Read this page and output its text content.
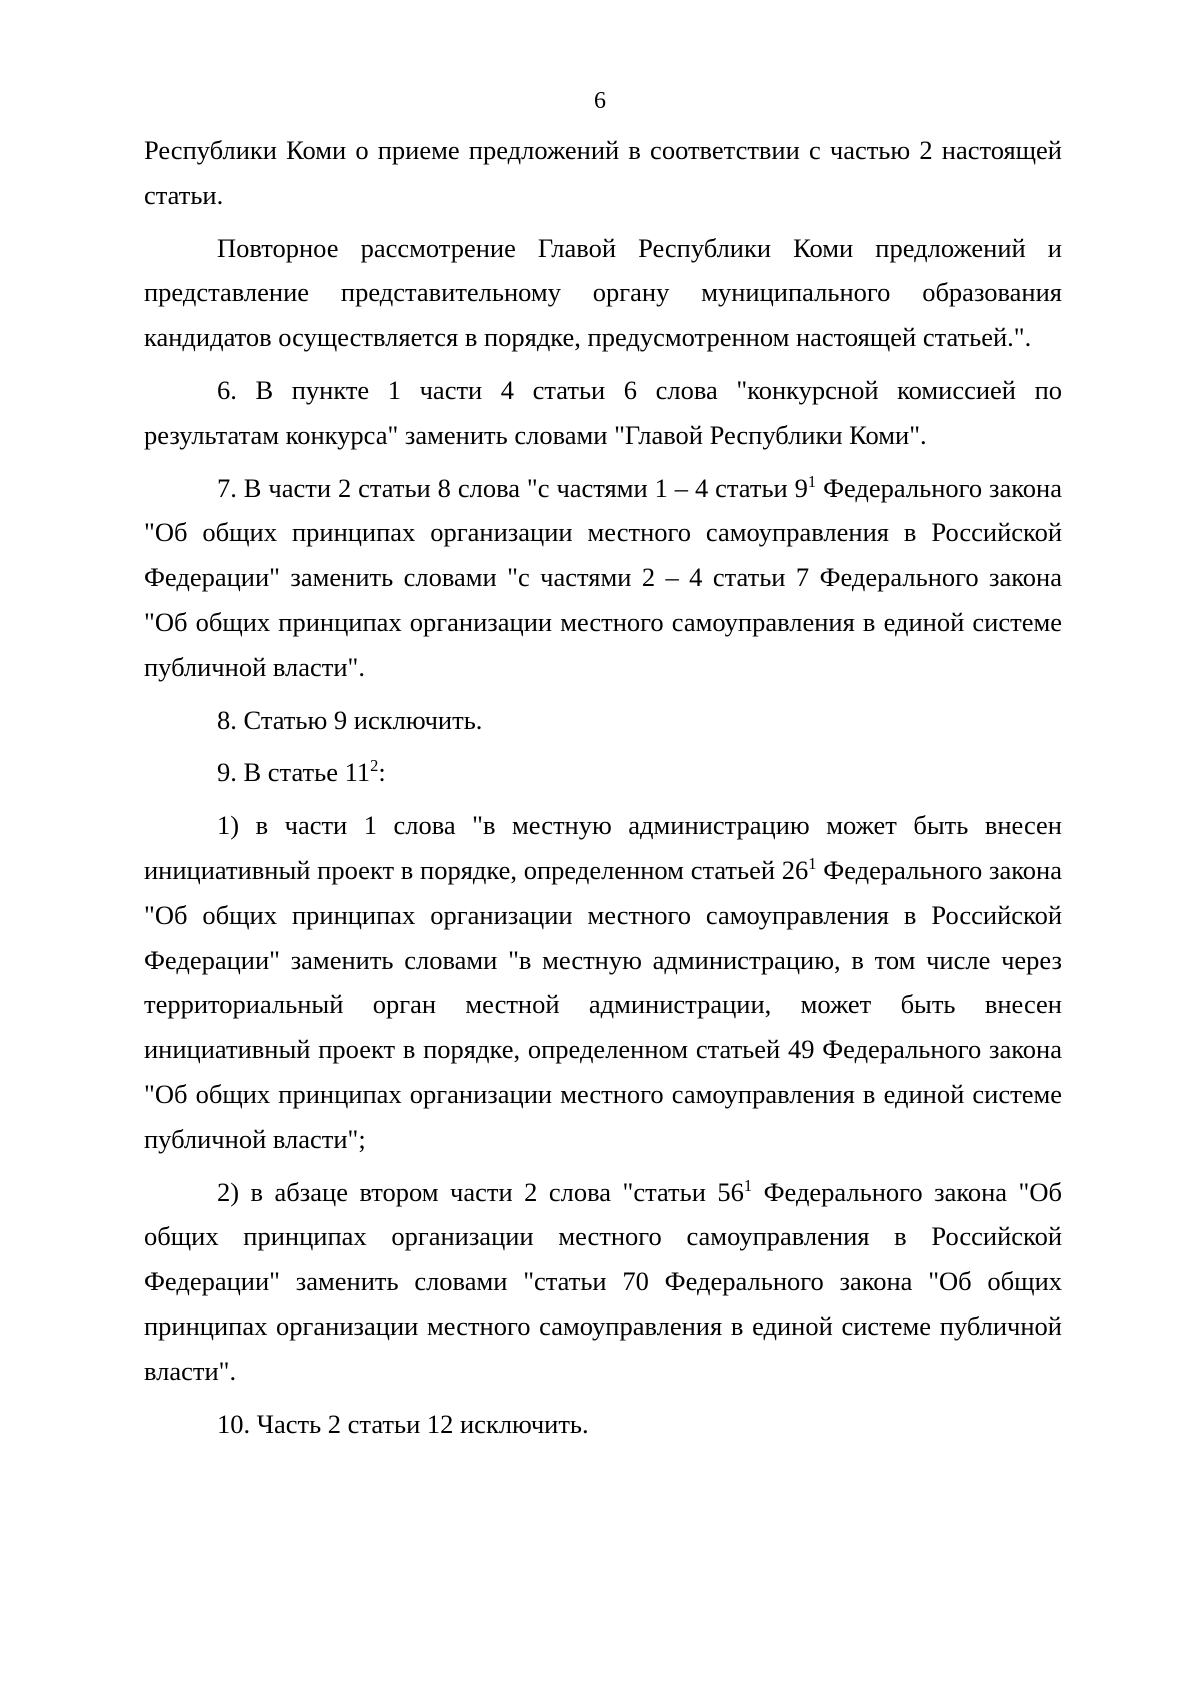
6

Республики Коми о приеме предложений в соответствии с частью 2 настоящей статьи.

Повторное рассмотрение Главой Республики Коми предложений и представление представительному органу муниципального образования кандидатов осуществляется в порядке, предусмотренном настоящей статьей.".

6. В пункте 1 части 4 статьи 6 слова "конкурсной комиссией по результатам конкурса" заменить словами "Главой Республики Коми".

7. В части 2 статьи 8 слова "с частями 1 – 4 статьи $9^1$ Федерального закона "Об общих принципах организации местного самоуправления в Российской Федерации" заменить словами "с частями 2 – 4 статьи 7 Федерального закона "Об общих принципах организации местного самоуправления в единой системе публичной власти".

8. Статью 9 исключить.

9. В статье $11^2$:

1) в части 1 слова "в местную администрацию может быть внесен инициативный проект в порядке, определенном статьей $26^1$ Федерального закона "Об общих принципах организации местного самоуправления в Российской Федерации" заменить словами "в местную администрацию, в том числе через территориальный орган местной администрации, может быть внесен инициативный проект в порядке, определенном статьей 49 Федерального закона "Об общих принципах организации местного самоуправления в единой системе публичной власти";

2) в абзаце втором части 2 слова "статьи $56^1$ Федерального закона "Об общих принципах организации местного самоуправления в Российской Федерации" заменить словами "статьи 70 Федерального закона "Об общих принципах организации местного самоуправления в единой системе публичной власти".

10. Часть 2 статьи 12 исключить.
